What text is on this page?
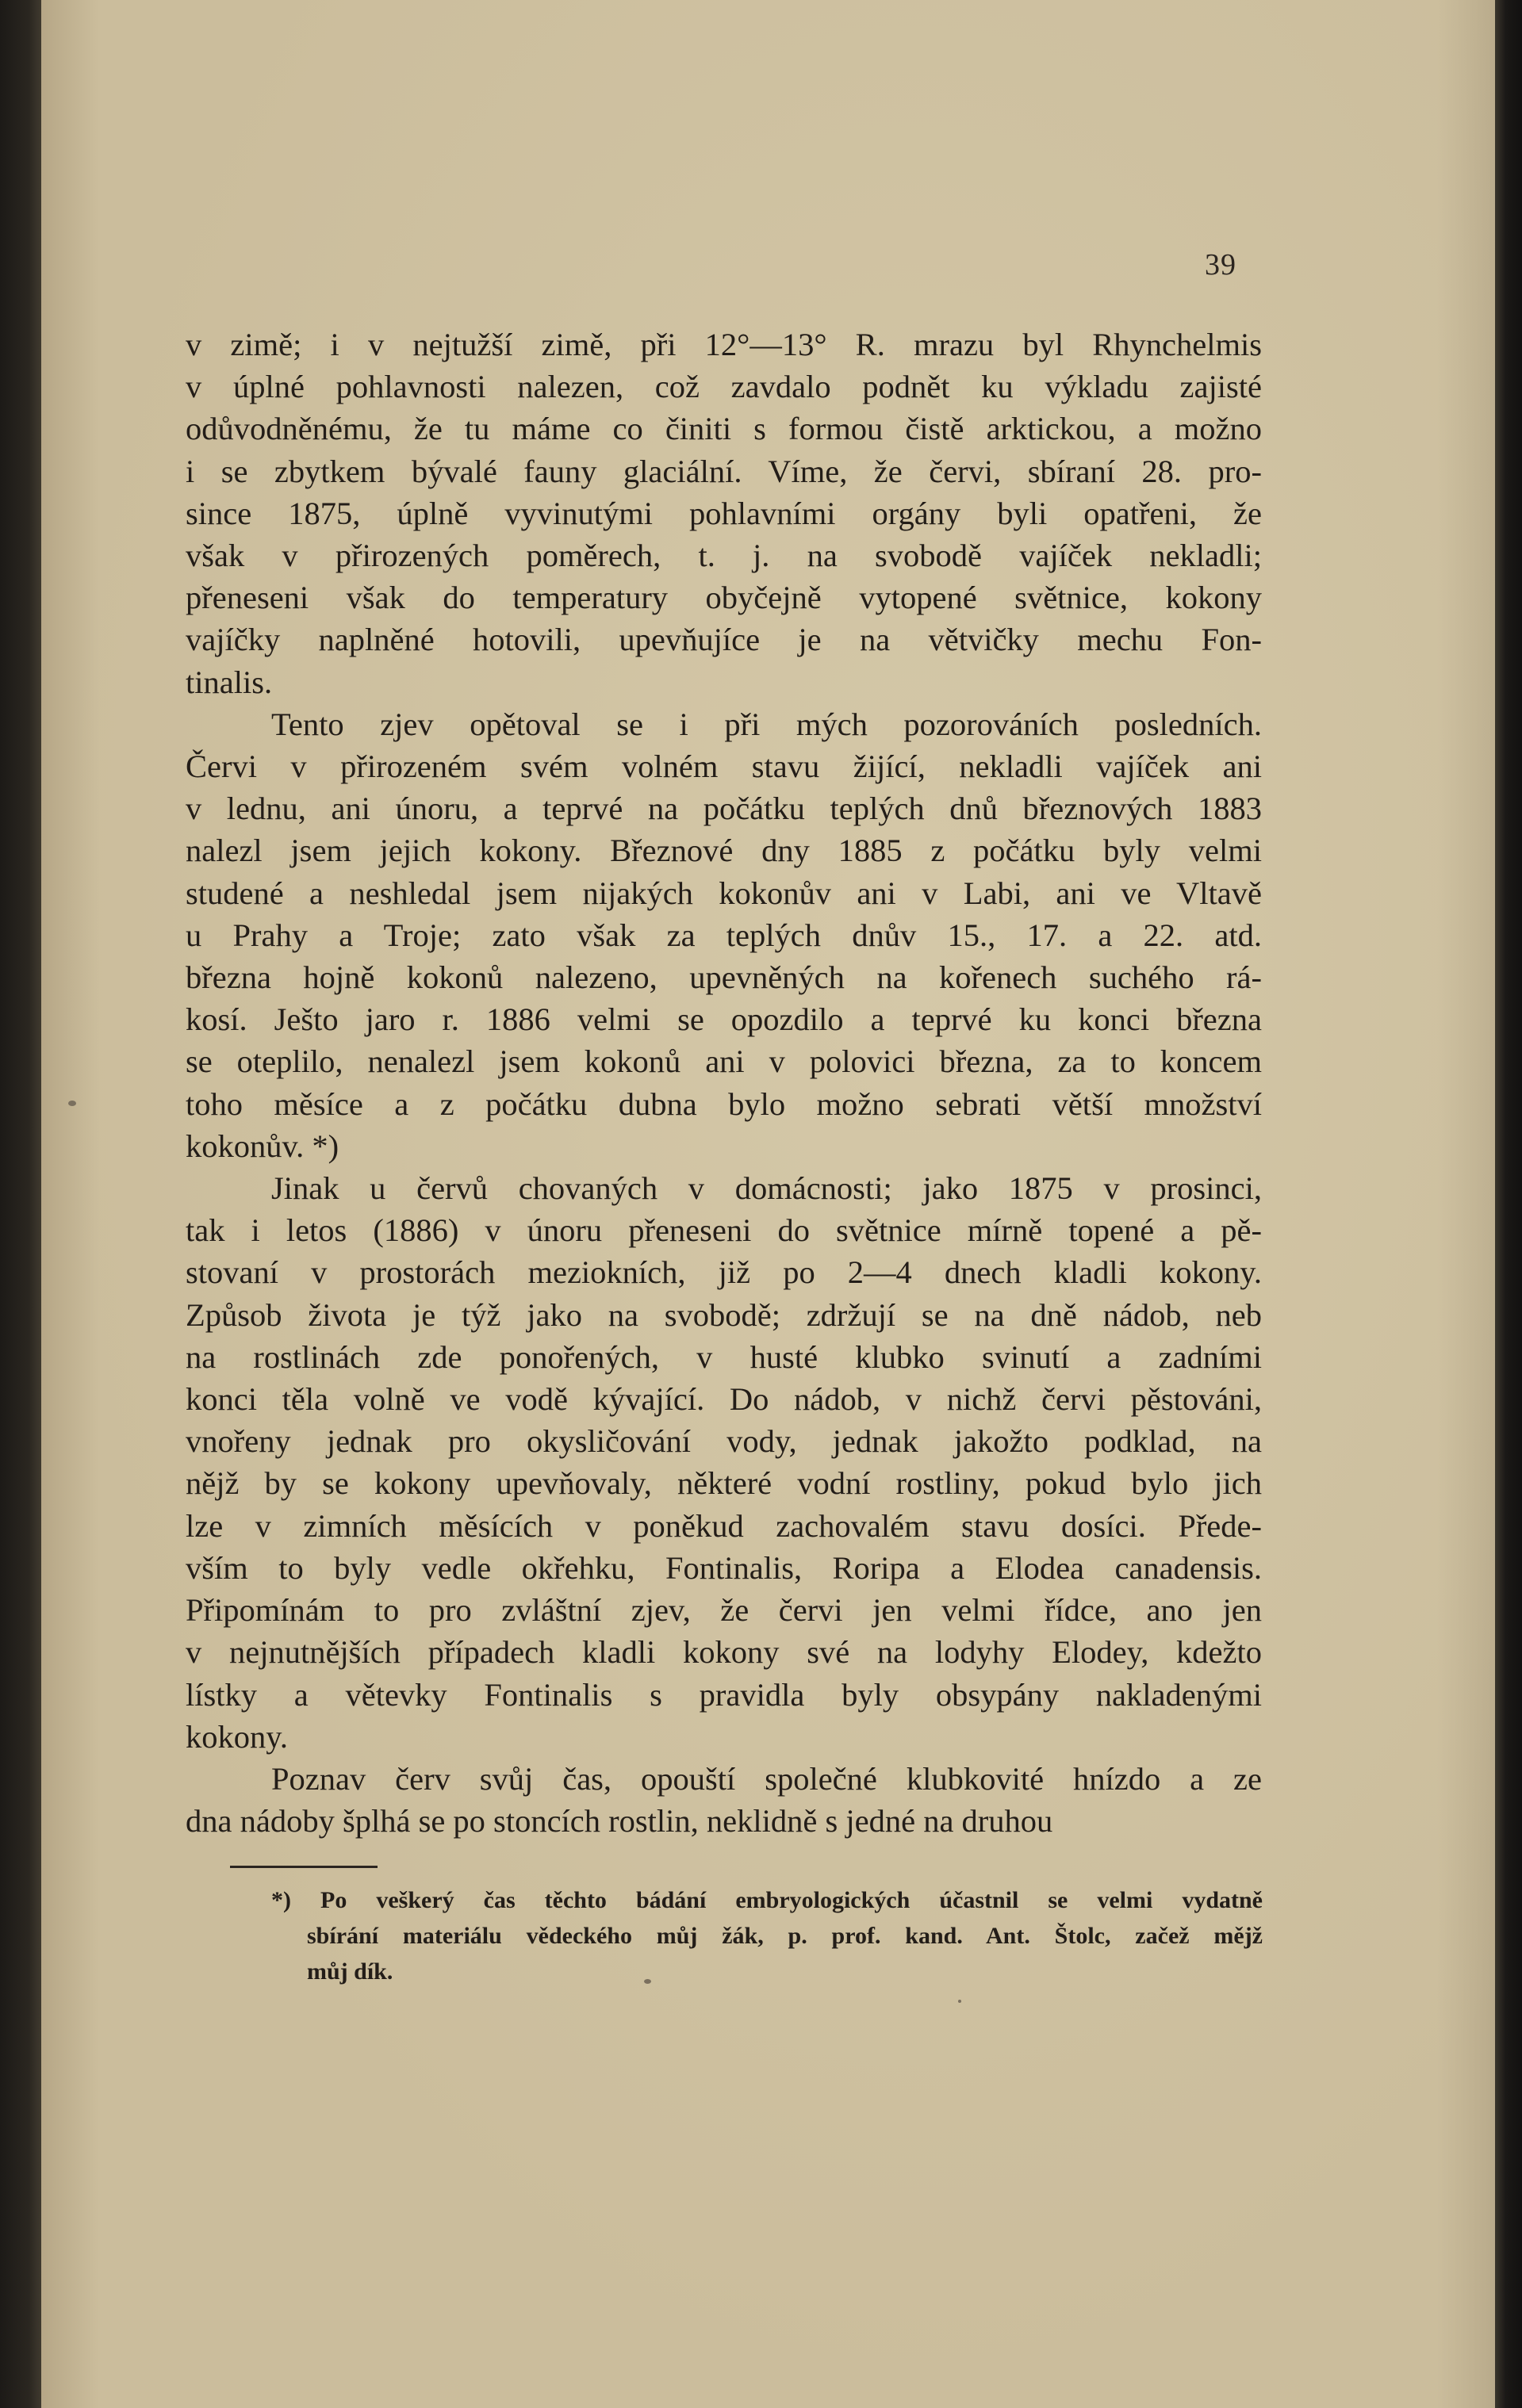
39
v zimě; i v nejtužší zimě, při 12°—13° R. mrazu byl Rhynchelmis
v úplné pohlavnosti nalezen, což zavdalo podnět ku výkladu zajisté
odůvodněnému, že tu máme co činiti s formou čistě arktickou, a možno
i se zbytkem bývalé fauny glaciální. Víme, že červi, sbíraní 28. pro-
since 1875, úplně vyvinutými pohlavními orgány byli opatřeni, že
však v přirozených poměrech, t. j. na svobodě vajíček nekladli;
přeneseni však do temperatury obyčejně vytopené světnice, kokony
vajíčky naplněné hotovili, upevňujíce je na větvičky mechu Fon-
tinalis.
Tento zjev opětoval se i při mých pozorováních posledních.
Červi v přirozeném svém volném stavu žijící, nekladli vajíček ani
v lednu, ani únoru, a teprvé na počátku teplých dnů březnových 1883
nalezl jsem jejich kokony. Březnové dny 1885 z počátku byly velmi
studené a neshledal jsem nijakých kokonův ani v Labi, ani ve Vltavě
u Prahy a Troje; zato však za teplých dnův 15., 17. a 22. atd.
března hojně kokonů nalezeno, upevněných na kořenech suchého rá-
kosí. Ješto jaro r. 1886 velmi se opozdilo a teprvé ku konci března
se oteplilo, nenalezl jsem kokonů ani v polovici března, za to koncem
toho měsíce a z počátku dubna bylo možno sebrati větší množství
kokonův. *)
Jinak u červů chovaných v domácnosti; jako 1875 v prosinci,
tak i letos (1886) v únoru přeneseni do světnice mírně topené a pě-
stovaní v prostorách meziokních, již po 2—4 dnech kladli kokony.
Způsob života je týž jako na svobodě; zdržují se na dně nádob, neb
na rostlinách zde ponořených, v husté klubko svinutí a zadními
konci těla volně ve vodě kývající. Do nádob, v nichž červi pěstováni,
vnořeny jednak pro okysličování vody, jednak jakožto podklad, na
nějž by se kokony upevňovaly, některé vodní rostliny, pokud bylo jich
lze v zimních měsících v poněkud zachovalém stavu dosíci. Přede-
vším to byly vedle okřehku, Fontinalis, Roripa a Elodea canadensis.
Připomínám to pro zvláštní zjev, že červi jen velmi řídce, ano jen
v nejnutnějších případech kladli kokony své na lodyhy Elodey, kdežto
lístky a větevky Fontinalis s pravidla byly obsypány nakladenými
kokony.
Poznav červ svůj čas, opouští společné klubkovité hnízdo a ze
dna nádoby šplhá se po stoncích rostlin, neklidně s jedné na druhou
*) Po veškerý čas těchto bádání embryologických účastnil se velmi vydatně
sbírání materiálu vědeckého můj žák, p. prof. kand. Ant. Štolc, začež mějž
můj dík.
